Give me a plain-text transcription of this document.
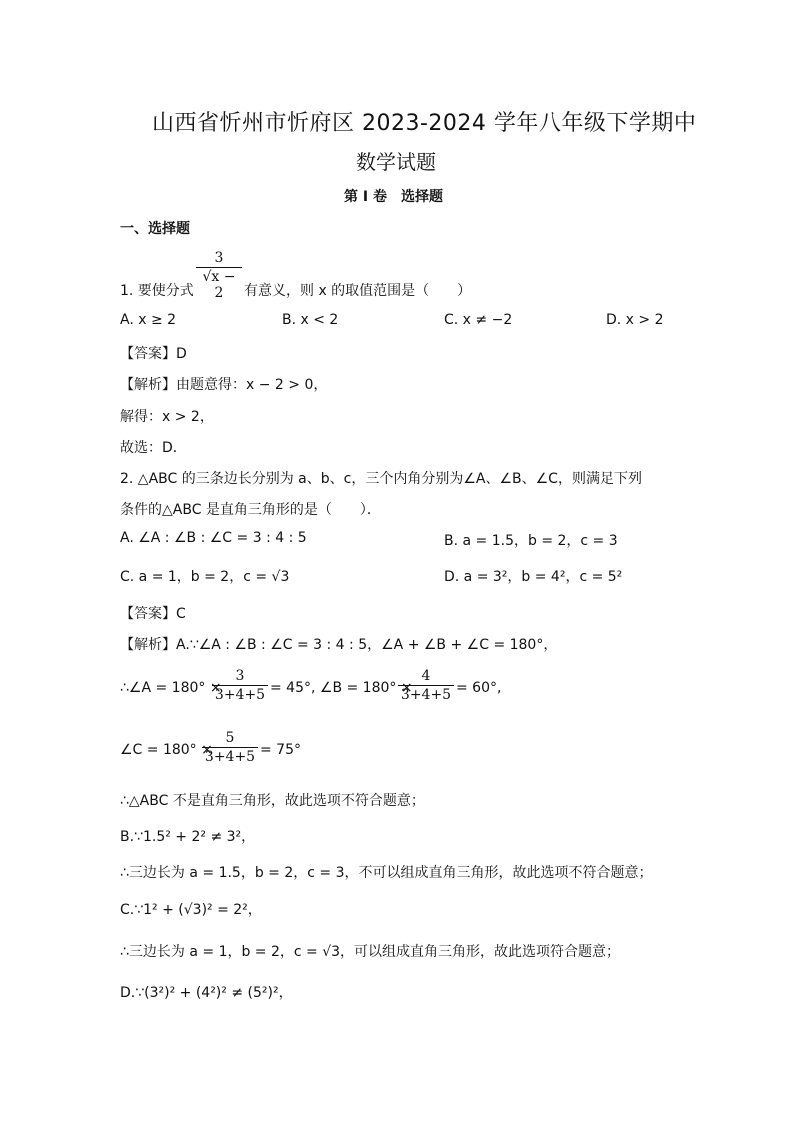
山西省忻州市忻府区 2023-2024 学年八年级下学期中
数学试题
第 I 卷　选择题
一、选择题
3
√x − 2
1. 要使分式	有意义，则 x 的取值范围是（　　）
A. x ≥ 2	B. x < 2	C. x ≠ −2	D. x > 2
【答案】D
【解析】由题意得：x − 2 > 0，
解得：x > 2，
故选：D．
2. △ABC 的三条边长分别为 a、b、c，三个内角分别为∠A、∠B、∠C，则满足下列
条件的△ABC 是直角三角形的是（　　）．
A. ∠A : ∠B : ∠C = 3 : 4 : 5	B. a = 1.5，b = 2，c = 3
C. a = 1，b = 2，c = √3	D. a = 3²，b = 4²，c = 5²
【答案】C
【解析】A.∵∠A : ∠B : ∠C = 3 : 4 : 5，∠A + ∠B + ∠C = 180°，
∴∠A = 180° ×
3
3+4+5 = 45°, ∠B = 180° ×
4
3+4+5 = 60°,
∠C = 180° ×
5
3+4+5 = 75°
∴△ABC 不是直角三角形，故此选项不符合题意；
B.∵1.5² + 2² ≠ 3²，
∴三边长为 a = 1.5，b = 2，c = 3，不可以组成直角三角形，故此选项不符合题意；
C.∵1² + (√3)² = 2²，
∴三边长为 a = 1，b = 2，c = √3，可以组成直角三角形，故此选项符合题意；
D.∵(3²)² + (4²)² ≠ (5²)²，
